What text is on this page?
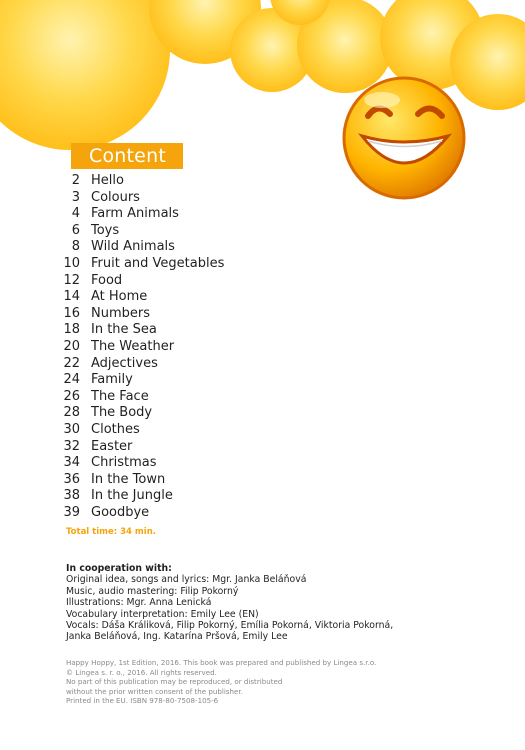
Content
2 Hello
3 Colours
4 Farm Animals
6 Toys
8 Wild Animals
10 Fruit and Vegetables
12 Food
14 At Home
16 Numbers
18 In the Sea
20 The Weather
22 Adjectives
24 Family
26 The Face
28 The Body
30 Clothes
32 Easter
34 Christmas
36 In the Town
38 In the Jungle
39 Goodbye
Total time: 34 min.
In cooperation with:
Original idea, songs and lyrics: Mgr. Janka Beláňová
Music, audio mastering: Filip Pokorný
Illustrations: Mgr. Anna Lenická
Vocabulary interpretation: Emily Lee (EN)
Vocals: Dáša Králiková, Filip Pokorný, Emília Pokorná, Viktoria Pokorná,
Janka Beláňová, Ing. Katarína Pršová, Emily Lee
Happy Hoppy, 1st Edition, 2016. This book was prepared and published by Lingea s.r.o.
© Lingea s. r. o., 2016. All rights reserved.
No part of this publication may be reproduced, or distributed
without the prior written consent of the publisher.
Printed in the EU. ISBN 978-80-7508-105-6
